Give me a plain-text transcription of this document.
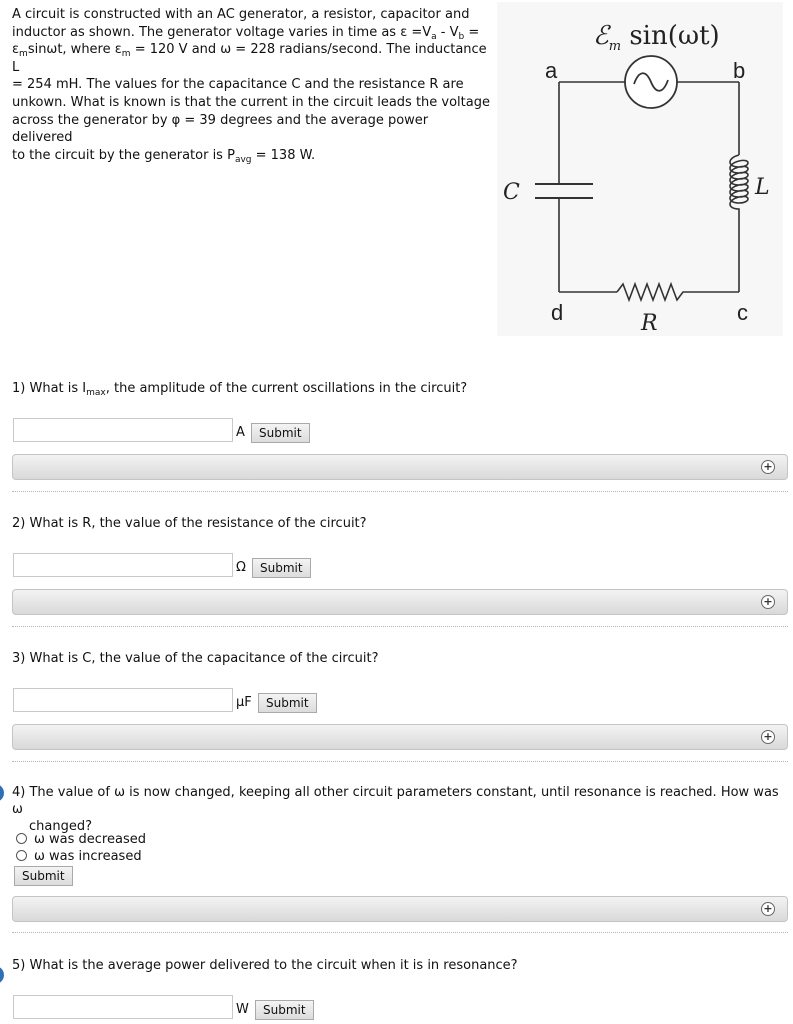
A circuit is constructed with an AC generator, a resistor, capacitor and
inductor as shown. The generator voltage varies in time as $\varepsilon =V_a - V_b$ =
$\varepsilon_m\sin\omega t$, where $\varepsilon_m = 120$ V and ω = 228 radians/second. The inductance L
= 254 mH. The values for the capacitance C and the resistance R are
unkown. What is known is that the current in the circuit leads the voltage
across the generator by φ = 39 degrees and the average power delivered
to the circuit by the generator is $P_{avg} = 138$ W.
ℰ$_m$ sin(ωt)
a	b
d	c
C	L
R
1) What is $I_{max}$, the amplitude of the current oscillations in the circuit?
A	Submit
+
2) What is R, the value of the resistance of the circuit?
Ω	Submit
+
3) What is C, the value of the capacitance of the circuit?
μF	Submit
+
4) The value of ω is now changed, keeping all other circuit parameters constant, until resonance is reached. How was ω
changed?
ω was decreased
ω was increased
Submit
+
5) What is the average power delivered to the circuit when it is in resonance?
W	Submit
